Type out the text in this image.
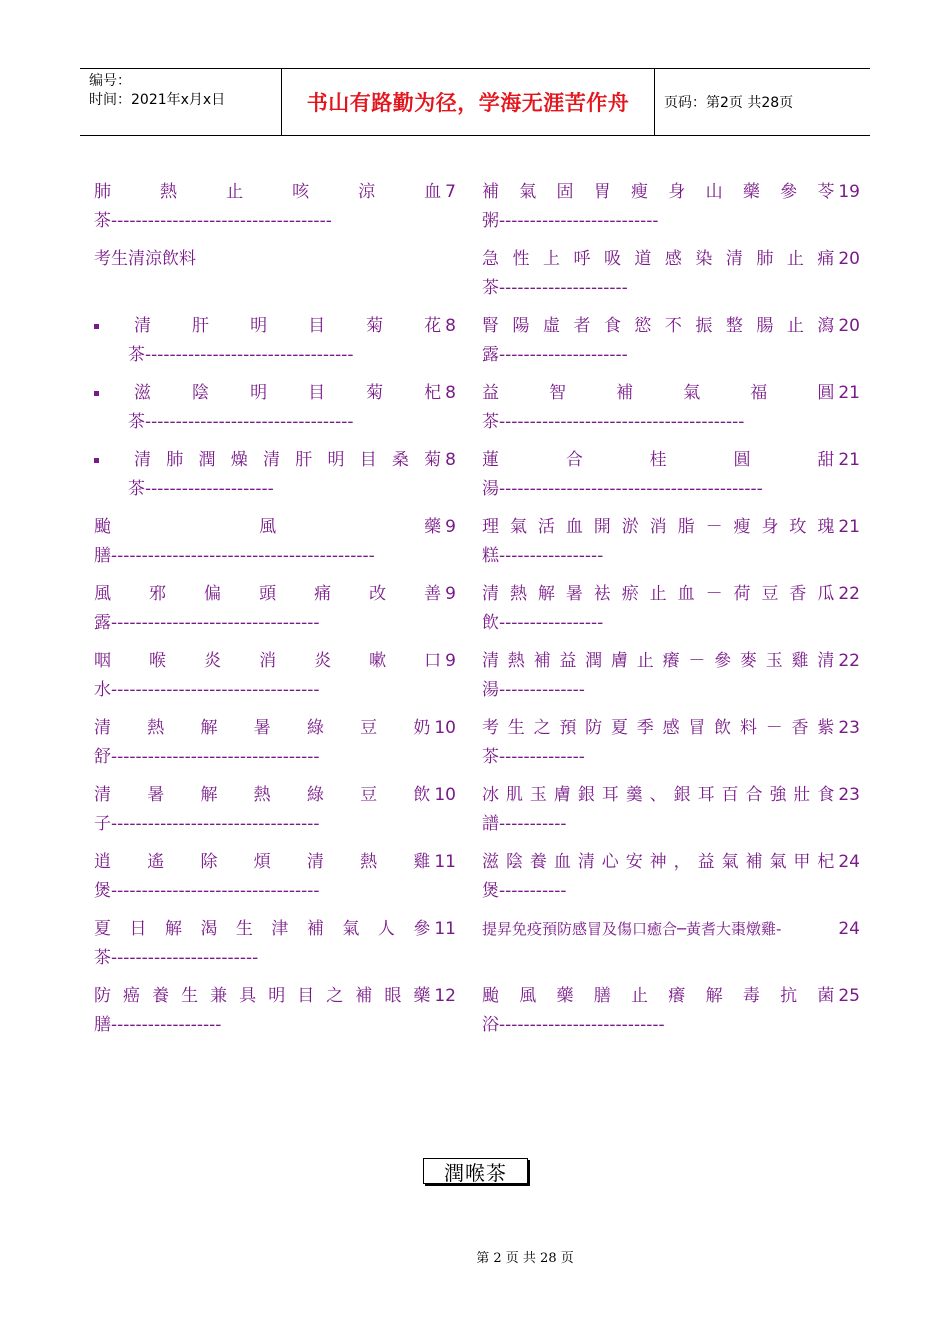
编号：
时间：2021年x月x日	书山有路勤为径，学海无涯苦作舟 页码：第2页 共28页
肺熱止咳涼血 7
茶------------------------------------
考生清涼飲料
清肝明目菊花 8
茶----------------------------------
滋陰明目菊杞 8
茶----------------------------------
清肺潤燥清肝明目桑菊 8
茶---------------------
颱風藥 9
膳-------------------------------------------
風邪偏頭痛改善 9
露----------------------------------
咽喉炎消炎嗽口 9
水----------------------------------
清熱解暑綠豆奶 10
舒----------------------------------
清暑解熱綠豆飲 10
子----------------------------------
逍遙除煩清熱雞 11
煲----------------------------------
夏日解渴生津補氣人參 11
茶------------------------
防癌養生兼具明目之補眼藥 12
膳------------------
補氣固胃瘦身山藥參苓 19
粥--------------------------
急性上呼吸道感染清肺止痛 20
茶---------------------
腎陽虛者食慾不振整腸止瀉 20
露---------------------
益智補氣福圓 21
茶----------------------------------------
蓮合桂圓甜 21
湯-------------------------------------------
理氣活血開淤消脂－瘦身玫瑰 21
糕-----------------
清熱解暑袪瘀止血－荷豆香瓜 22
飲-----------------
清熱補益潤膚止癢－參麥玉雞清 22
湯--------------
考生之預防夏季感冒飲料－香紫 23
茶--------------
冰肌玉膚銀耳羹、銀耳百合強壯食 23
譜-----------
滋陰養血清心安神，益氣補氣甲杞 24
煲-----------
提昇免疫預防感冒及傷口癒合─黃耆大棗燉雞-	24
颱風藥膳止癢解毒抗菌 25
浴---------------------------
潤喉茶
第 2 页 共 28 页
